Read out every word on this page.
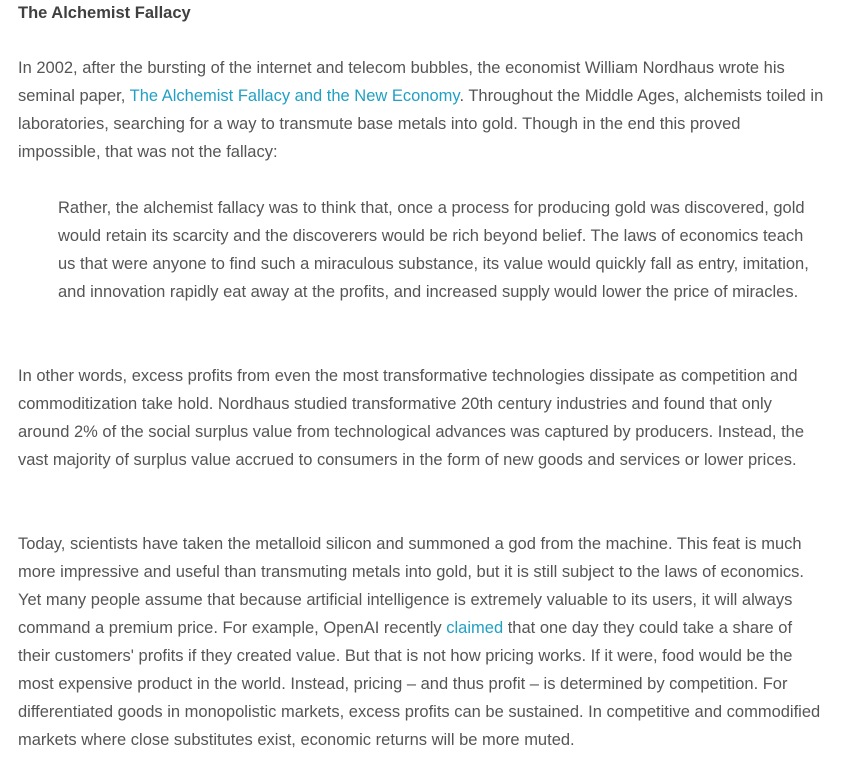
The Alchemist Fallacy

In 2002, after the bursting of the internet and telecom bubbles, the economist William Nordhaus wrote his seminal paper, The Alchemist Fallacy and the New Economy. Throughout the Middle Ages, alchemists toiled in laboratories, searching for a way to transmute base metals into gold. Though in the end this proved impossible, that was not the fallacy:

Rather, the alchemist fallacy was to think that, once a process for producing gold was discovered, gold would retain its scarcity and the discoverers would be rich beyond belief. The laws of economics teach us that were anyone to find such a miraculous substance, its value would quickly fall as entry, imitation, and innovation rapidly eat away at the profits, and increased supply would lower the price of miracles.

In other words, excess profits from even the most transformative technologies dissipate as competition and commoditization take hold. Nordhaus studied transformative 20th century industries and found that only around 2% of the social surplus value from technological advances was captured by producers. Instead, the vast majority of surplus value accrued to consumers in the form of new goods and services or lower prices.

Today, scientists have taken the metalloid silicon and summoned a god from the machine. This feat is much more impressive and useful than transmuting metals into gold, but it is still subject to the laws of economics. Yet many people assume that because artificial intelligence is extremely valuable to its users, it will always command a premium price. For example, OpenAI recently claimed that one day they could take a share of their customers' profits if they created value. But that is not how pricing works. If it were, food would be the most expensive product in the world. Instead, pricing – and thus profit – is determined by competition. For differentiated goods in monopolistic markets, excess profits can be sustained. In competitive and commodified markets where close substitutes exist, economic returns will be more muted.
